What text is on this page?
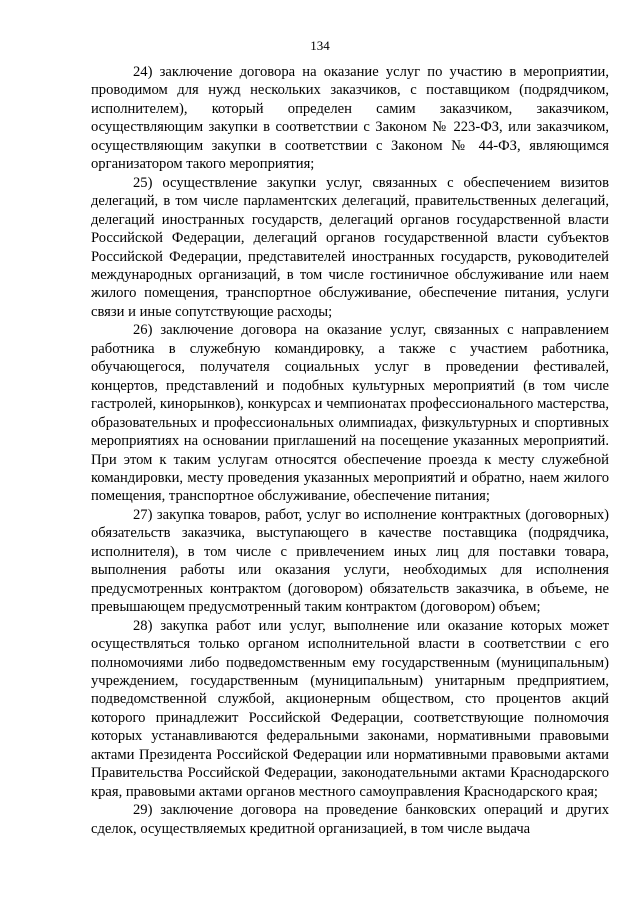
134

24) заключение договора на оказание услуг по участию в мероприятии, проводимом для нужд нескольких заказчиков, с поставщиком (подрядчиком, исполнителем), который определен самим заказчиком, заказчиком, осуществляющим закупки в соответствии с Законом № 223-ФЗ, или заказчиком, осуществляющим закупки в соответствии с Законом № 44-ФЗ, являющимся организатором такого мероприятия;

25) осуществление закупки услуг, связанных с обеспечением визитов делегаций, в том числе парламентских делегаций, правительственных делегаций, делегаций иностранных государств, делегаций органов государственной власти Российской Федерации, делегаций органов государственной власти субъектов Российской Федерации, представителей иностранных государств, руководителей международных организаций, в том числе гостиничное обслуживание или наем жилого помещения, транспортное обслуживание, обеспечение питания, услуги связи и иные сопутствующие расходы;

26) заключение договора на оказание услуг, связанных с направлением работника в служебную командировку, а также с участием работника, обучающегося, получателя социальных услуг в проведении фестивалей, концертов, представлений и подобных культурных мероприятий (в том числе гастролей, кинорынков), конкурсах и чемпионатах профессионального мастерства, образовательных и профессиональных олимпиадах, физкультурных и спортивных мероприятиях на основании приглашений на посещение указанных мероприятий. При этом к таким услугам относятся обеспечение проезда к месту служебной командировки, месту проведения указанных мероприятий и обратно, наем жилого помещения, транспортное обслуживание, обеспечение питания;

27) закупка товаров, работ, услуг во исполнение контрактных (договорных) обязательств заказчика, выступающего в качестве поставщика (подрядчика, исполнителя), в том числе с привлечением иных лиц для поставки товара, выполнения работы или оказания услуги, необходимых для исполнения предусмотренных контрактом (договором) обязательств заказчика, в объеме, не превышающем предусмотренный таким контрактом (договором) объем;

28) закупка работ или услуг, выполнение или оказание которых может осуществляться только органом исполнительной власти в соответствии с его полномочиями либо подведомственным ему государственным (муниципальным) учреждением, государственным (муниципальным) унитарным предприятием, подведомственной службой, акционерным обществом, сто процентов акций которого принадлежит Российской Федерации, соответствующие полномочия которых устанавливаются федеральными законами, нормативными правовыми актами Президента Российской Федерации или нормативными правовыми актами Правительства Российской Федерации, законодательными актами Краснодарского края, правовыми актами органов местного самоуправления Краснодарского края;

29) заключение договора на проведение банковских операций и других сделок, осуществляемых кредитной организацией, в том числе выдача
